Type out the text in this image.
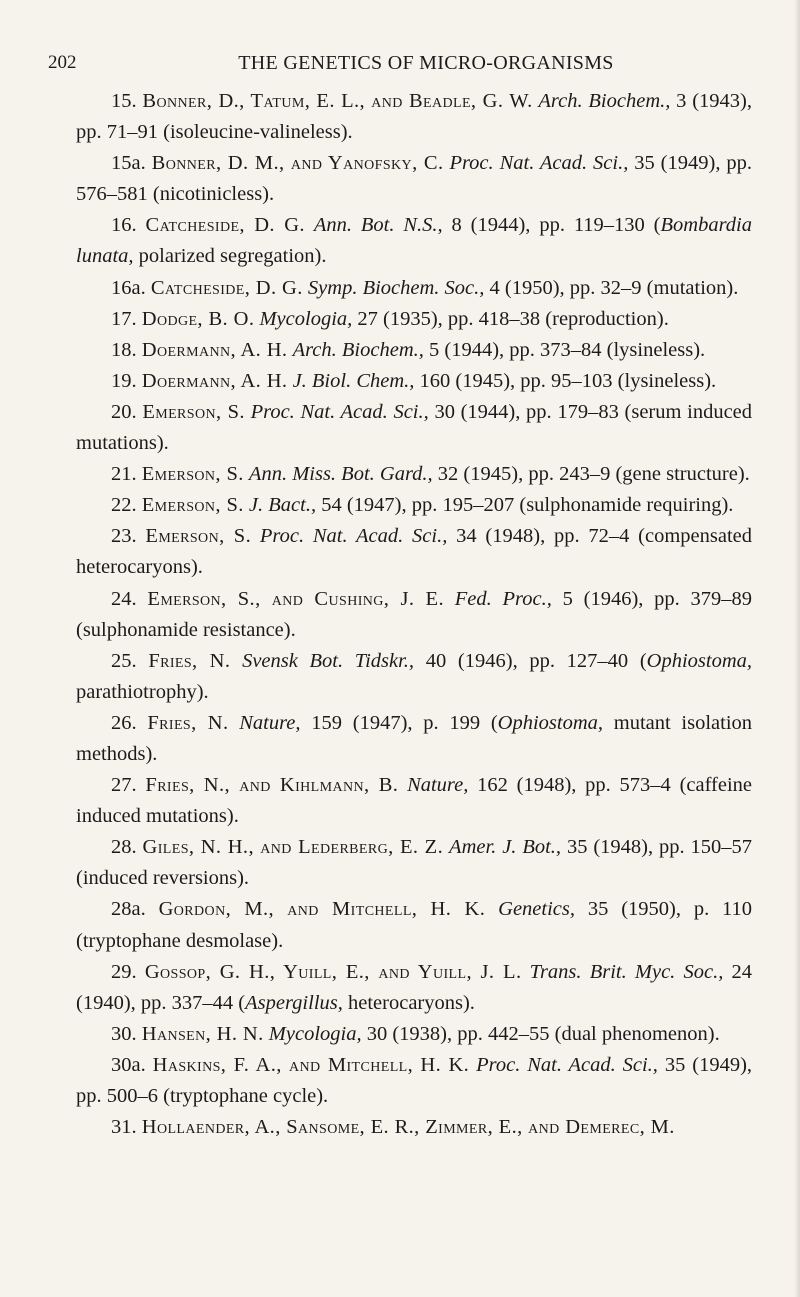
202	THE GENETICS OF MICRO-ORGANISMS

15. Bonner, D., Tatum, E. L., and Beadle, G. W. Arch. Biochem., 3 (1943), pp. 71–91 (isoleucine-valineless).

15a. Bonner, D. M., and Yanofsky, C. Proc. Nat. Acad. Sci., 35 (1949), pp. 576–581 (nicotinicless).

16. Catcheside, D. G. Ann. Bot. N.S., 8 (1944), pp. 119–130 (Bombardia lunata, polarized segregation).

16a. Catcheside, D. G. Symp. Biochem. Soc., 4 (1950), pp. 32–9 (mutation).

17. Dodge, B. O. Mycologia, 27 (1935), pp. 418–38 (reproduction).

18. Doermann, A. H. Arch. Biochem., 5 (1944), pp. 373–84 (lysineless).

19. Doermann, A. H. J. Biol. Chem., 160 (1945), pp. 95–103 (lysineless).

20. Emerson, S. Proc. Nat. Acad. Sci., 30 (1944), pp. 179–83 (serum induced mutations).

21. Emerson, S. Ann. Miss. Bot. Gard., 32 (1945), pp. 243–9 (gene structure).

22. Emerson, S. J. Bact., 54 (1947), pp. 195–207 (sulphonamide requiring).

23. Emerson, S. Proc. Nat. Acad. Sci., 34 (1948), pp. 72–4 (compensated heterocaryons).

24. Emerson, S., and Cushing, J. E. Fed. Proc., 5 (1946), pp. 379–89 (sulphonamide resistance).

25. Fries, N. Svensk Bot. Tidskr., 40 (1946), pp. 127–40 (Ophiostoma, parathiotrophy).

26. Fries, N. Nature, 159 (1947), p. 199 (Ophiostoma, mutant isolation methods).

27. Fries, N., and Kihlmann, B. Nature, 162 (1948), pp. 573–4 (caffeine induced mutations).

28. Giles, N. H., and Lederberg, E. Z. Amer. J. Bot., 35 (1948), pp. 150–57 (induced reversions).

28a. Gordon, M., and Mitchell, H. K. Genetics, 35 (1950), p. 110 (tryptophane desmolase).

29. Gossop, G. H., Yuill, E., and Yuill, J. L. Trans. Brit. Myc. Soc., 24 (1940), pp. 337–44 (Aspergillus, heterocaryons).

30. Hansen, H. N. Mycologia, 30 (1938), pp. 442–55 (dual phenomenon).

30a. Haskins, F. A., and Mitchell, H. K. Proc. Nat. Acad. Sci., 35 (1949), pp. 500–6 (tryptophane cycle).

31. Hollaender, A., Sansome, E. R., Zimmer, E., and Demerec, M.
